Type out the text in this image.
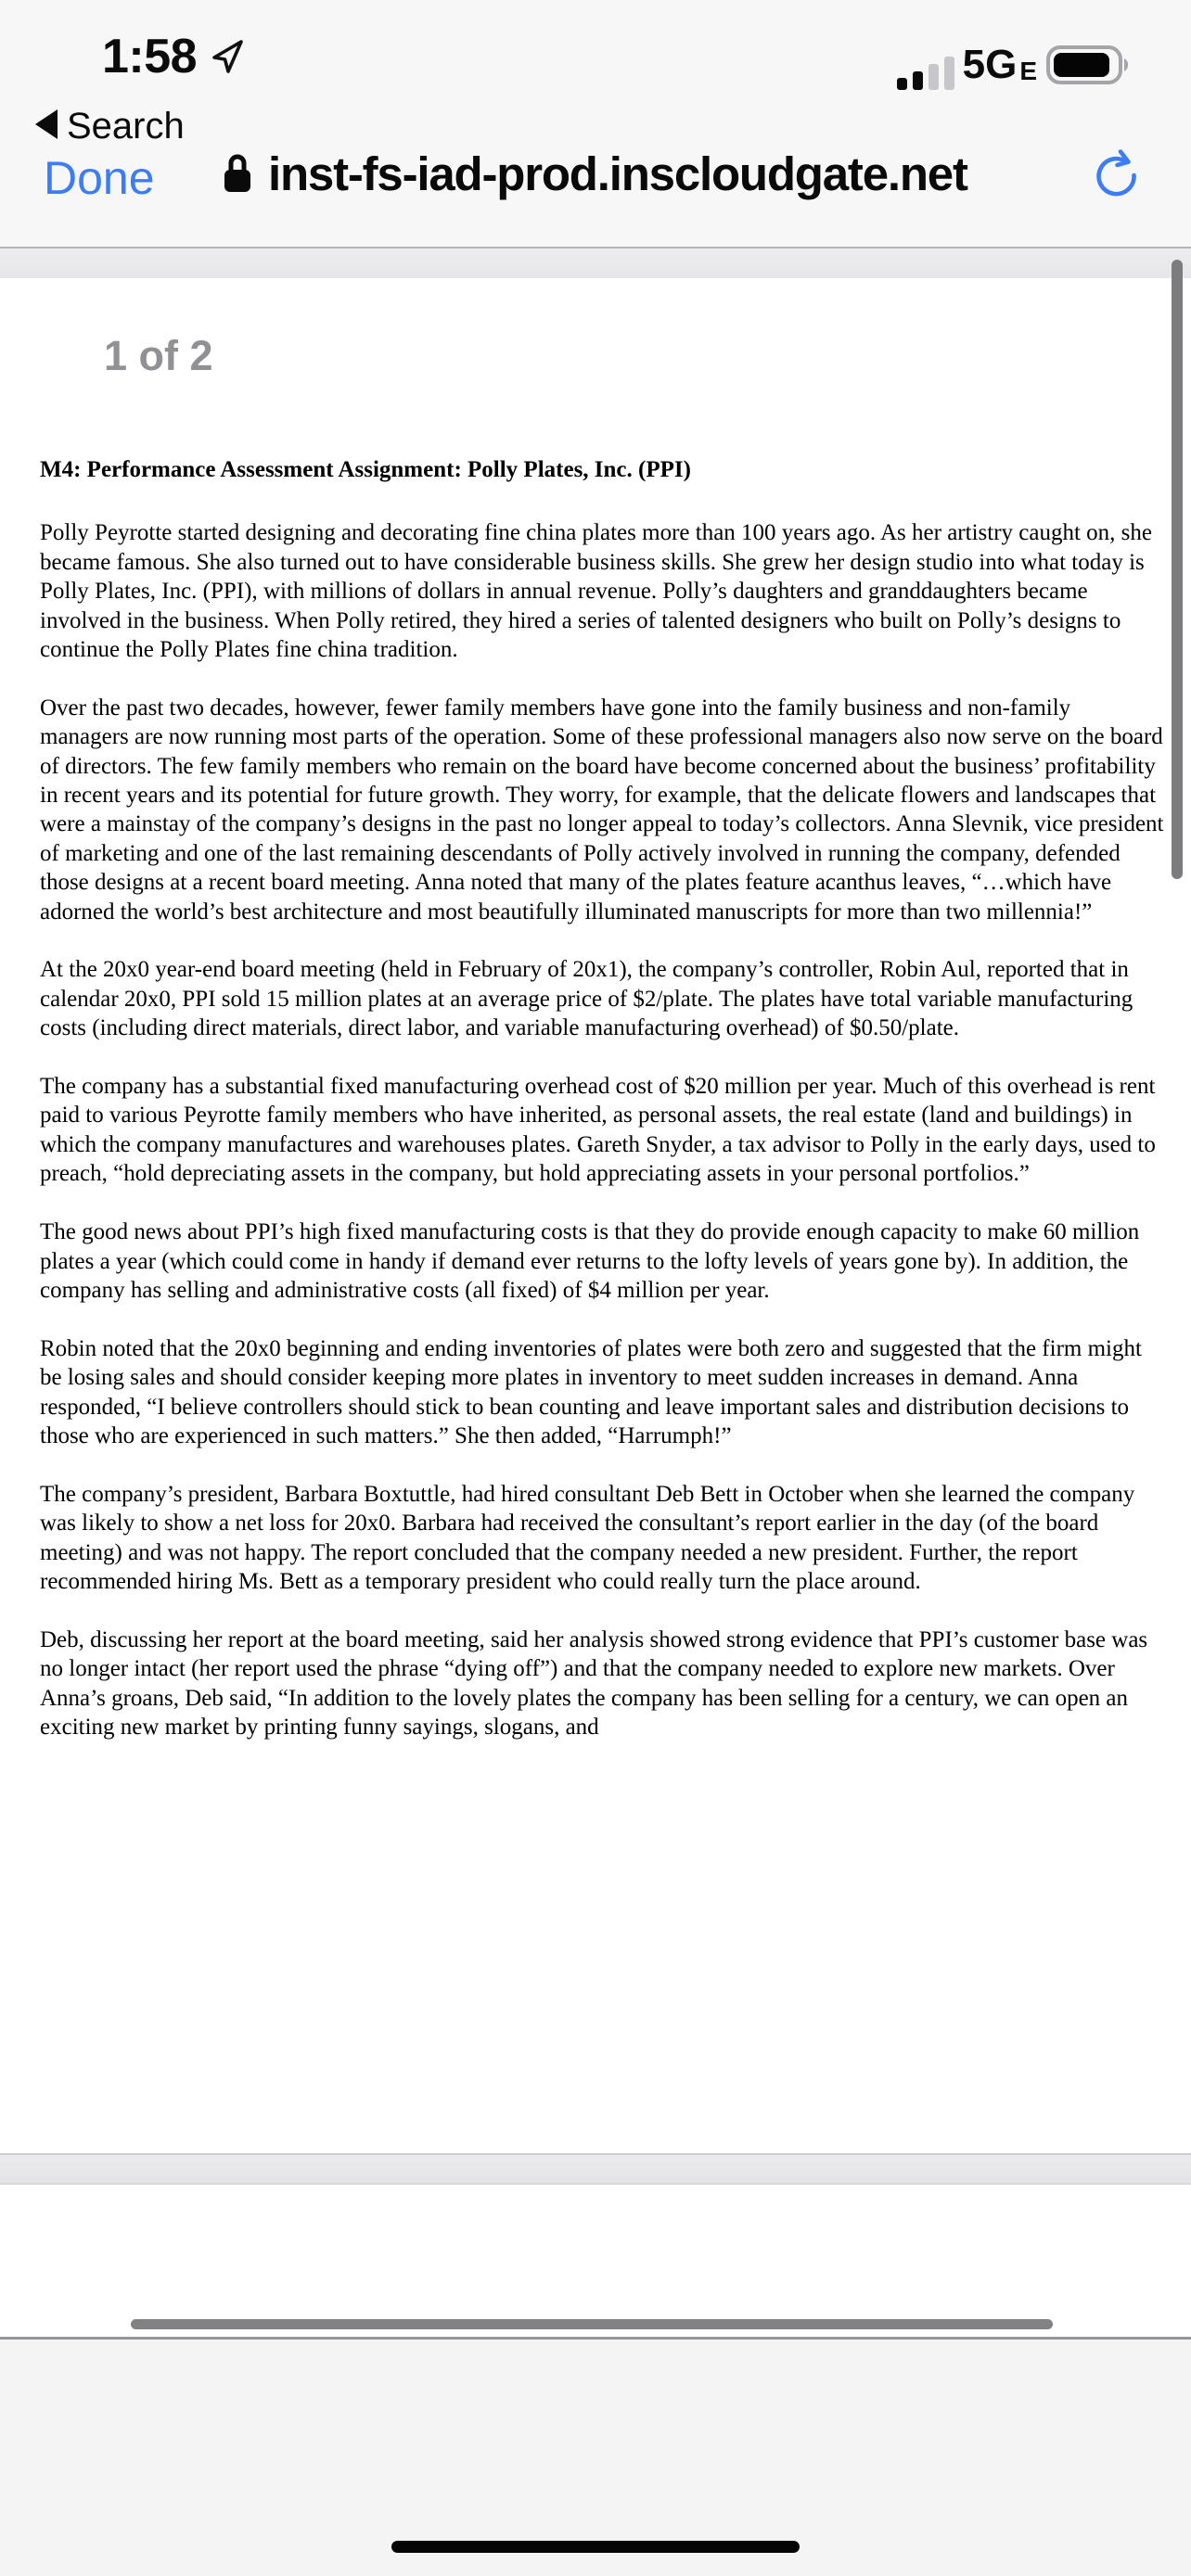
1:58
Search
5G E
Done inst-fs-iad-prod.inscloudgate.net
1 of 2
M4: Performance Assessment Assignment: Polly Plates, Inc. (PPI)

Polly Peyrotte started designing and decorating fine china plates more than 100 years ago. As her artistry caught on, she became famous. She also turned out to have considerable business skills. She grew her design studio into what today is Polly Plates, Inc. (PPI), with millions of dollars in annual revenue. Polly’s daughters and granddaughters became involved in the business. When Polly retired, they hired a series of talented designers who built on Polly’s designs to continue the Polly Plates fine china tradition.

Over the past two decades, however, fewer family members have gone into the family business and non-family managers are now running most parts of the operation. Some of these professional managers also now serve on the board of directors. The few family members who remain on the board have become concerned about the business’ profitability in recent years and its potential for future growth. They worry, for example, that the delicate flowers and landscapes that were a mainstay of the company’s designs in the past no longer appeal to today’s collectors. Anna Slevnik, vice president of marketing and one of the last remaining descendants of Polly actively involved in running the company, defended those designs at a recent board meeting. Anna noted that many of the plates feature acanthus leaves, “…which have adorned the world’s best architecture and most beautifully illuminated manuscripts for more than two millennia!”

At the 20x0 year-end board meeting (held in February of 20x1), the company’s controller, Robin Aul, reported that in calendar 20x0, PPI sold 15 million plates at an average price of $2/plate. The plates have total variable manufacturing costs (including direct materials, direct labor, and variable manufacturing overhead) of $0.50/plate.

The company has a substantial fixed manufacturing overhead cost of $20 million per year. Much of this overhead is rent paid to various Peyrotte family members who have inherited, as personal assets, the real estate (land and buildings) in which the company manufactures and warehouses plates. Gareth Snyder, a tax advisor to Polly in the early days, used to preach, “hold depreciating assets in the company, but hold appreciating assets in your personal portfolios.”

The good news about PPI’s high fixed manufacturing costs is that they do provide enough capacity to make 60 million plates a year (which could come in handy if demand ever returns to the lofty levels of years gone by). In addition, the company has selling and administrative costs (all fixed) of $4 million per year.

Robin noted that the 20x0 beginning and ending inventories of plates were both zero and suggested that the firm might be losing sales and should consider keeping more plates in inventory to meet sudden increases in demand. Anna responded, “I believe controllers should stick to bean counting and leave important sales and distribution decisions to those who are experienced in such matters.” She then added, “Harrumph!”

The company’s president, Barbara Boxtuttle, had hired consultant Deb Bett in October when she learned the company was likely to show a net loss for 20x0. Barbara had received the consultant’s report earlier in the day (of the board meeting) and was not happy. The report concluded that the company needed a new president. Further, the report recommended hiring Ms. Bett as a temporary president who could really turn the place around.

Deb, discussing her report at the board meeting, said her analysis showed strong evidence that PPI’s customer base was no longer intact (her report used the phrase “dying off”) and that the company needed to explore new markets. Over Anna’s groans, Deb said, “In addition to the lovely plates the company has been selling for a century, we can open an exciting new market by printing funny sayings, slogans, and
